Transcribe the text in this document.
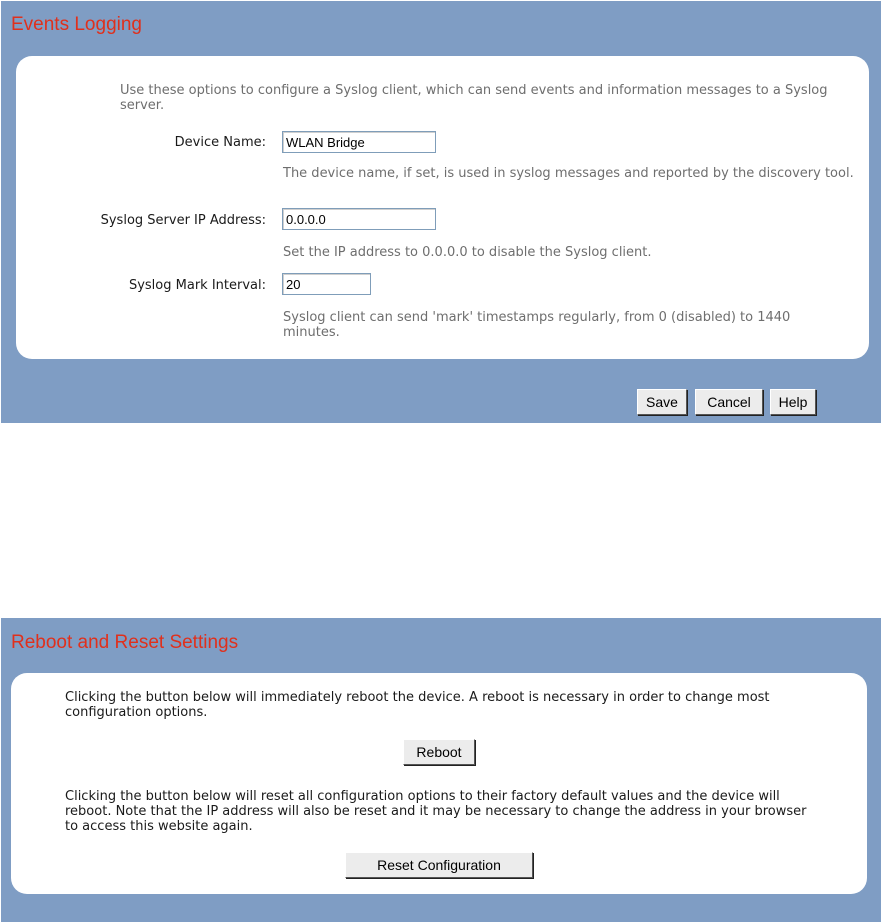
Events Logging
Use these options to configure a Syslog client, which can send events and information messages to a Syslog server.
Device Name:
WLAN Bridge
The device name, if set, is used in syslog messages and reported by the discovery tool.
Syslog Server IP Address:
0.0.0.0
Set the IP address to 0.0.0.0 to disable the Syslog client.
Syslog Mark Interval:
20
Syslog client can send 'mark' timestamps regularly, from 0 (disabled) to 1440 minutes.
Save	Cancel	Help
Reboot and Reset Settings
Clicking the button below will immediately reboot the device. A reboot is necessary in order to change most configuration options.
Reboot
Clicking the button below will reset all configuration options to their factory default values and the device will reboot. Note that the IP address will also be reset and it may be necessary to change the address in your browser to access this website again.
Reset Configuration
